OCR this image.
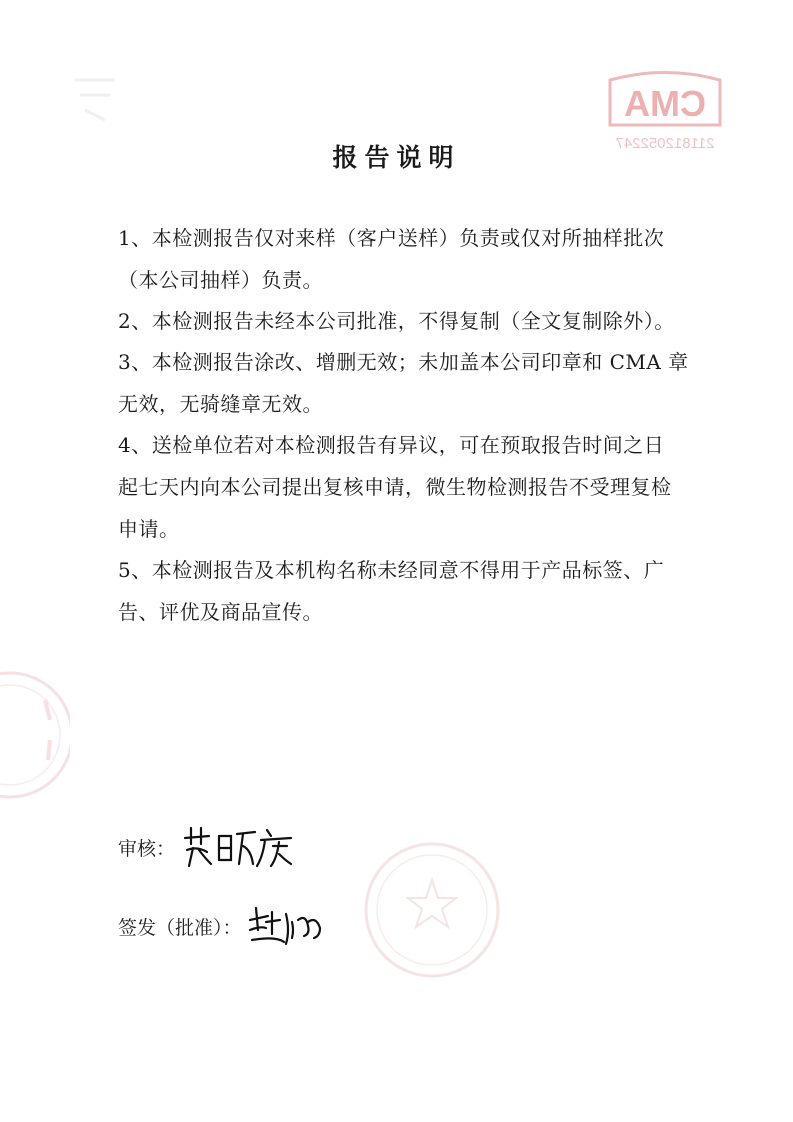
CMA
211812052247
报告说明
1、本检测报告仅对来样（客户送样）负责或仅对所抽样批次
（本公司抽样）负责。
2、本检测报告未经本公司批准，不得复制（全文复制除外）。
3、本检测报告涂改、增删无效；未加盖本公司印章和 CMA 章
无效，无骑缝章无效。
4、送检单位若对本检测报告有异议，可在预取报告时间之日
起七天内向本公司提出复核申请，微生物检测报告不受理复检
申请。
5、本检测报告及本机构名称未经同意不得用于产品标签、广
告、评优及商品宣传。
审核：
签发（批准）：
